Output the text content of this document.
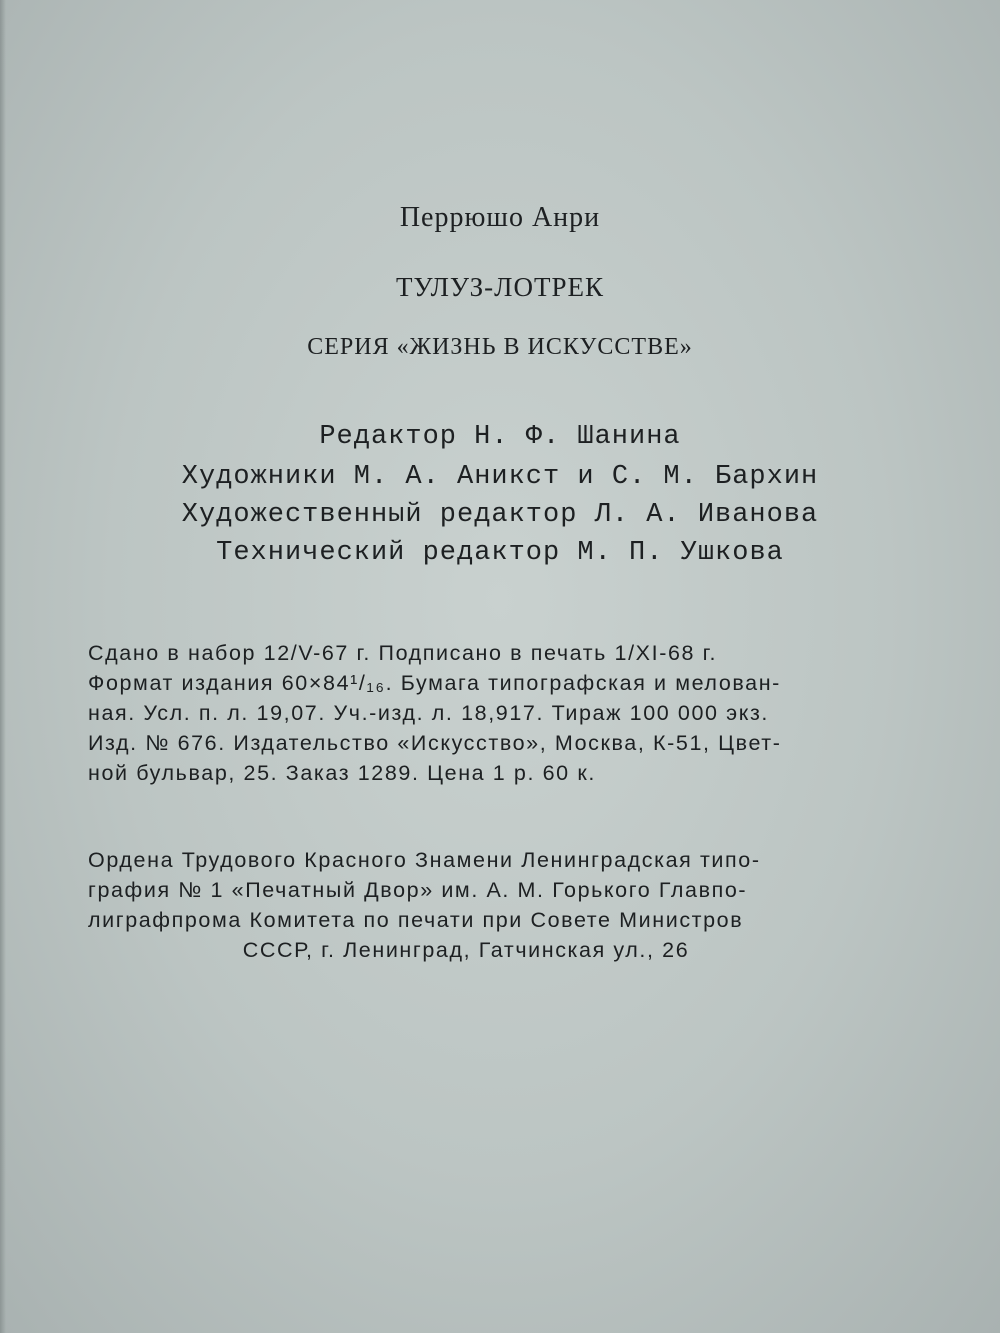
Перрюшо Анри
ТУЛУЗ-ЛОТРЕК
СЕРИЯ «ЖИЗНЬ В ИСКУССТВЕ»
Редактор Н. Ф. Шанина
Художники М. А. Аникст и С. М. Бархин
Художественный редактор Л. А. Иванова
Технический редактор М. П. Ушкова
Сдано в набор 12/V-67 г. Подписано в печать 1/XI-68 г.
Формат издания 60×84¹/₁₆. Бумага типографская и мелован-
ная. Усл. п. л. 19,07. Уч.-изд. л. 18,917. Тираж 100 000 экз.
Изд. № 676. Издательство «Искусство», Москва, К-51, Цвет-
ной бульвар, 25. Заказ 1289. Цена 1 р. 60 к.
Ордена Трудового Красного Знамени Ленинградская типо-
графия № 1 «Печатный Двор» им. А. М. Горького Главпо-
лиграфпрома Комитета по печати при Совете Министров
СССР, г. Ленинград, Гатчинская ул., 26
